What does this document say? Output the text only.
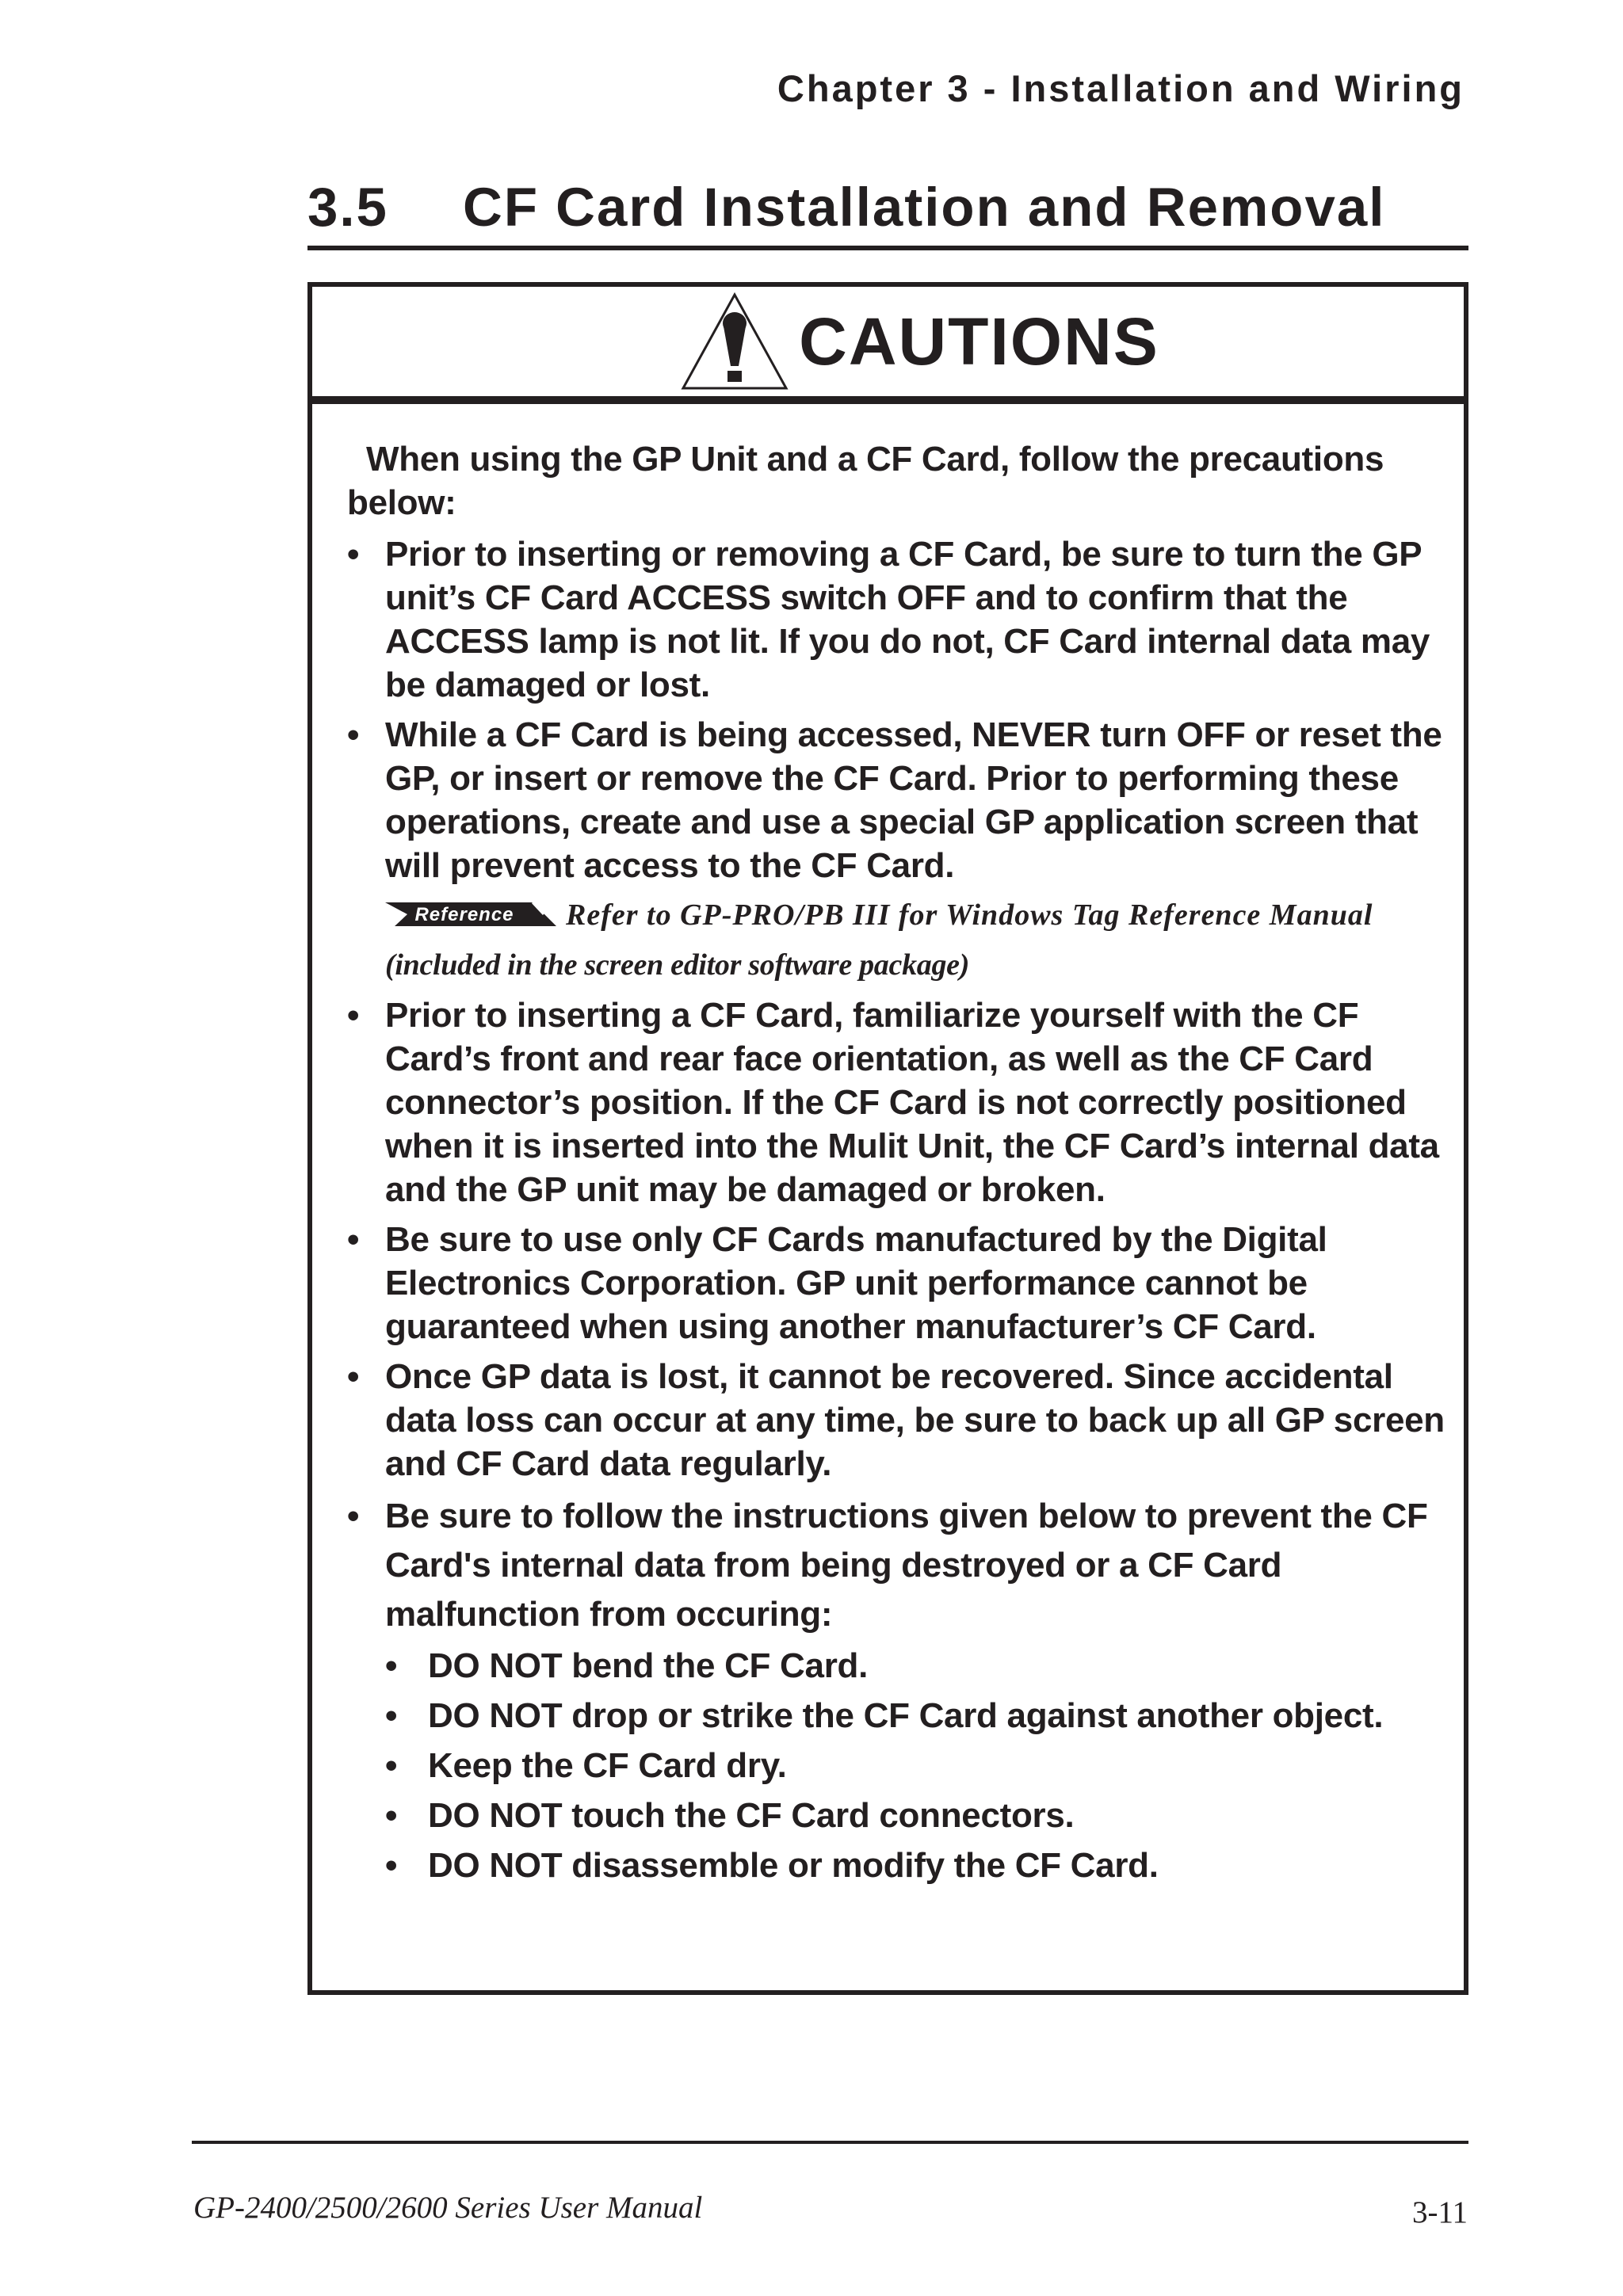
Chapter 3 - Installation and Wiring
3.5 CF Card Installation and Removal
CAUTIONS

When using the GP Unit and a CF Card, follow the precautions below:

• Prior to inserting or removing a CF Card, be sure to turn the GP unit’s CF Card ACCESS switch OFF and to confirm that the ACCESS lamp is not lit. If you do not, CF Card internal data may be damaged or lost.
• While a CF Card is being accessed, NEVER turn OFF or reset the GP, or insert or remove the CF Card. Prior to performing these operations, create and use a special GP application screen that will prevent access to the CF Card.
Reference Refer to GP-PRO/PB III for Windows Tag Reference Manual
(included in the screen editor software package)
• Prior to inserting a CF Card, familiarize yourself with the CF Card’s front and rear face orientation, as well as the CF Card connector’s position. If the CF Card is not correctly positioned when it is inserted into the Mulit Unit, the CF Card’s internal data and the GP unit may be damaged or broken.
• Be sure to use only CF Cards manufactured by the Digital Electronics Corporation. GP unit performance cannot be guaranteed when using another manufacturer’s CF Card.
• Once GP data is lost, it cannot be recovered. Since accidental data loss can occur at any time, be sure to back up all GP screen and CF Card data regularly.
• Be sure to follow the instructions given below to prevent the CF Card's internal data from being destroyed or a CF Card malfunction from occuring:
• DO NOT bend the CF Card.
• DO NOT drop or strike the CF Card against another object.
• Keep the CF Card dry.
• DO NOT touch the CF Card connectors.
• DO NOT disassemble or modify the CF Card.
GP-2400/2500/2600 Series User Manual	3-11
